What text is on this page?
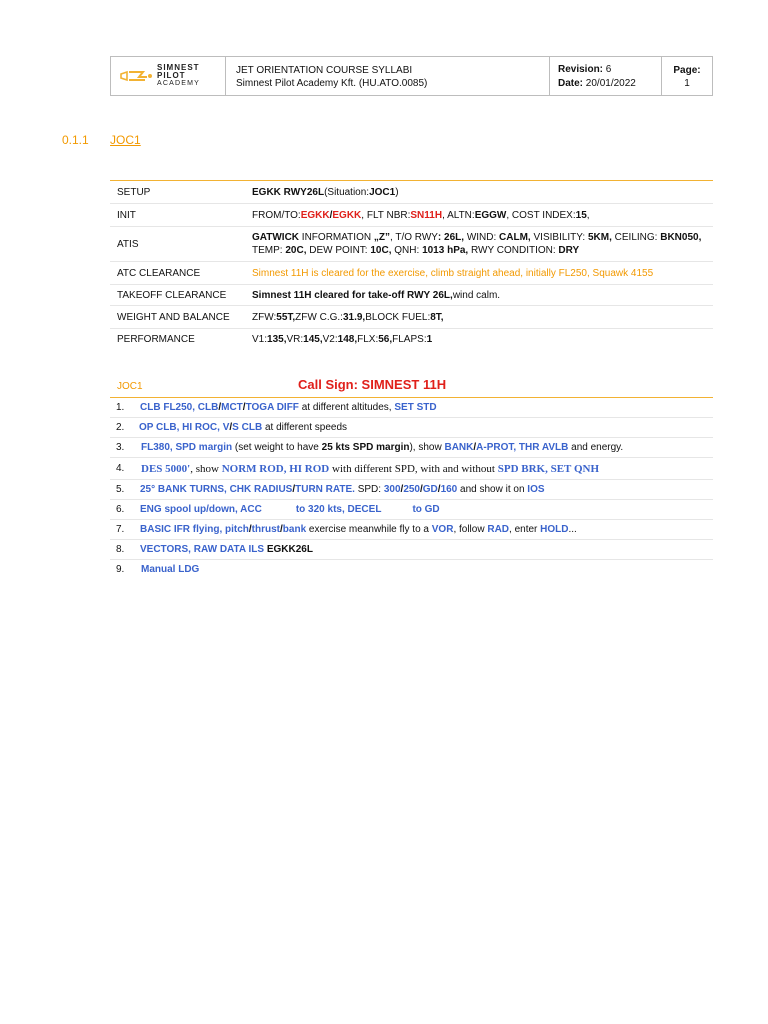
SIMNEST
PILOT
ACADEMY
JET ORIENTATION COURSE SYLLABI
Simnest Pilot Academy Kft. (HU.ATO.0085)
Revision: 6
Date: 20/01/2022
Page:
1
0.1.1 JOC1
SETUP	EGKK RWY26L (Situation: JOC1 )
INIT	FROM/TO: EGKK / EGKK , FLT NBR: SN11H , ALTN: EGGW , COST INDEX: 15 ,
ATIS
GATWICK INFORMATION „Z”, T/O RWY: 26L, WIND: CALM, VISIBILITY: 5KM, CEILING: BKN050,
TEMP: 20C, DEW POINT: 10C, QNH: 1013 hPa, RWY CONDITION: DRY
ATC CLEARANCE	Simnest 11H is cleared for the exercise, climb straight ahead, initially FL250, Squawk 4155
TAKEOFF CLEARANCE	Simnest 11H cleared for take-off RWY 26L, wind calm.
WEIGHT AND BALANCE	ZFW: 55T, ZFW C.G.: 31.9, BLOCK FUEL: 8T,
PERFORMANCE	V1: 135, VR: 145, V2: 148, FLX: 56, FLAPS: 1
JOC1	Call Sign: SIMNEST 11H
1.	CLB FL250, CLB/MCT/TOGA DIFF at different altitudes, SET STD
2.	OP CLB, HI ROC, V/S CLB at different speeds
3.	FL380, SPD margin (set weight to have 25 kts SPD margin), show BANK/A-PROT, THR AVLB and energy.
4.	DES 5000', show NORM ROD, HI ROD with different SPD, with and without SPD BRK, SET QNH
5.	25° BANK TURNS, CHK RADIUS/TURN RATE. SPD: 300/250/GD/160 and show it on IOS
6.	ENG spool up/down, ACC	to 320 kts, DECEL	to GD
7.	BASIC IFR flying, pitch/thrust/bank exercise meanwhile fly to a VOR, follow RAD, enter HOLD...
8.	VECTORS, RAW DATA ILS EGKK26L
9.	Manual LDG
